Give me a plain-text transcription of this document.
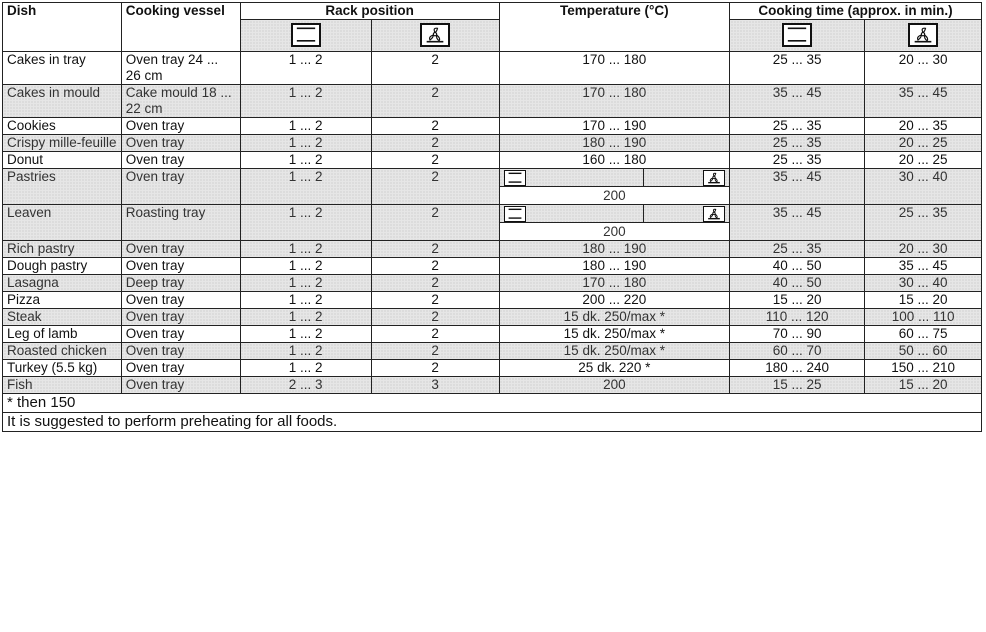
Dish	Cooking vessel	Rack position		Temperature (°C)	Cooking time (approx. in min.)	

Cakes in tray	Oven tray 24 ... 26 cm	1 ... 2	2	170 ... 180	25 ... 35	20 ... 30
Cakes in mould	Cake mould 18 ... 22 cm	1 ... 2	2	170 ... 180	35 ... 45	35 ... 45
Cookies	Oven tray	1 ... 2	2	170 ... 190	25 ... 35	20 ... 35
Crispy mille-feuille	Oven tray	1 ... 2	2	180 ... 190	25 ... 35	20 ... 25
Donut	Oven tray	1 ... 2	2	160 ... 180	25 ... 35	20 ... 25
Pastries	Oven tray	1 ... 2	2	200	35 ... 45	30 ... 40
Leaven	Roasting tray	1 ... 2	2	200	35 ... 45	25 ... 35
Rich pastry	Oven tray	1 ... 2	2	180 ... 190	25 ... 35	20 ... 30
Dough pastry	Oven tray	1 ... 2	2	180 ... 190	40 ... 50	35 ... 45
Lasagna	Deep tray	1 ... 2	2	170 ... 180	40 ... 50	30 ... 40
Pizza	Oven tray	1 ... 2	2	200 ... 220	15 ... 20	15 ... 20
Steak	Oven tray	1 ... 2	2	15 dk. 250/max *	110 ... 120	100 ... 110
Leg of lamb	Oven tray	1 ... 2	2	15 dk. 250/max *	70 ... 90	60 ... 75
Roasted chicken	Oven tray	1 ... 2	2	15 dk. 250/max *	60 ... 70	50 ... 60
Turkey (5.5 kg)	Oven tray	1 ... 2	2	25 dk. 220 *	180 ... 240	150 ... 210
Fish	Oven tray	2 ... 3	3	200	15 ... 25	15 ... 20
* then 150						
It is suggested to perform preheating for all foods.						
